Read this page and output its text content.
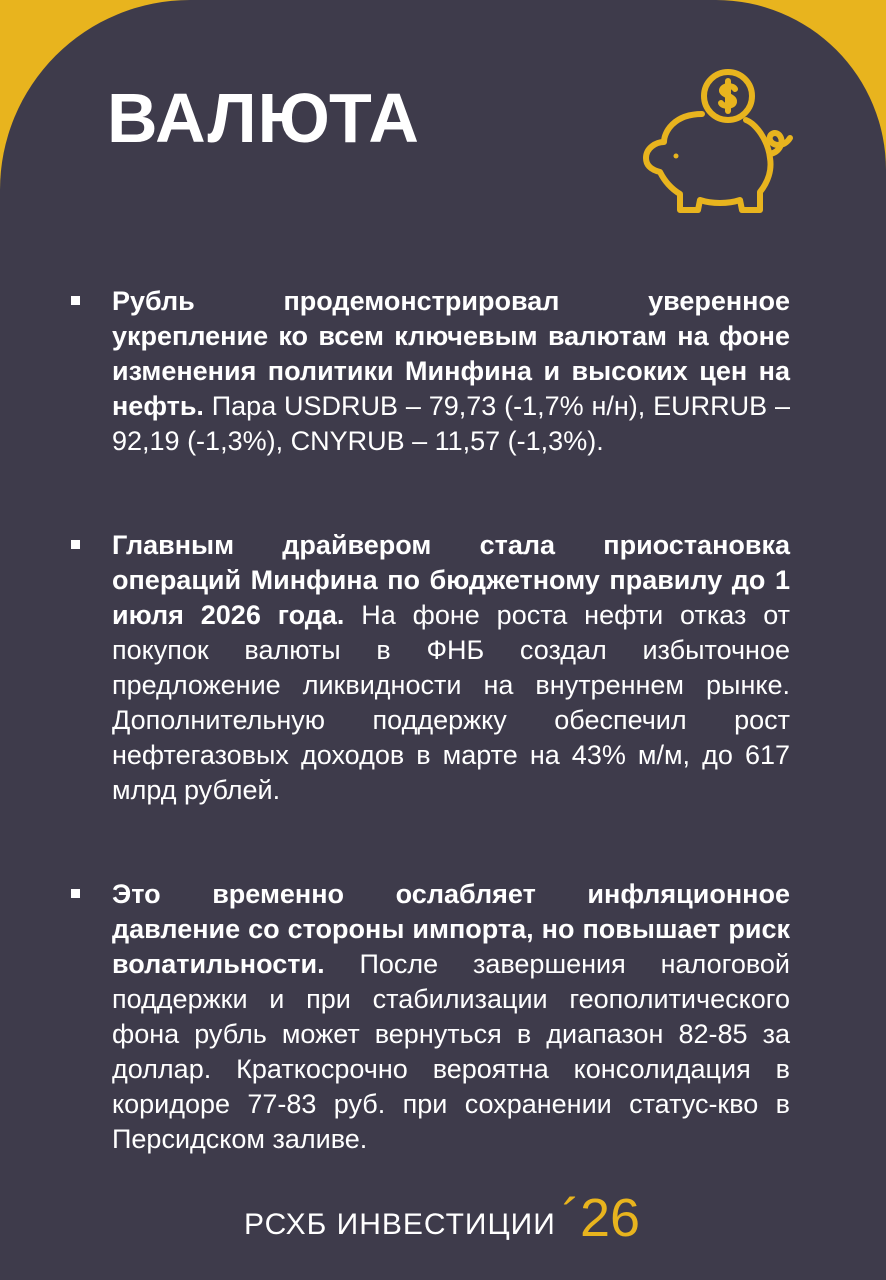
ВАЛЮТА
Рубль продемонстрировал уверенное укрепление ко всем ключевым валютам на фоне изменения политики Минфина и высоких цен на нефть. Пара USDRUB – 79,73 (-1,7% н/н), EURRUB – 92,19 (-1,3%), CNYRUB – 11,57 (-1,3%).
Главным драйвером стала приостановка операций Минфина по бюджетному правилу до 1 июля 2026 года. На фоне роста нефти отказ от покупок валюты в ФНБ создал избыточное предложение ликвидности на внутреннем рынке. Дополнительную поддержку обеспечил рост нефтегазовых доходов в марте на 43% м/м, до 617 млрд рублей.
Это временно ослабляет инфляционное давление со стороны импорта, но повышает риск волатильности. После завершения налоговой поддержки и при стабилизации геополитического фона рубль может вернуться в диапазон 82-85 за доллар. Краткосрочно вероятна консолидация в коридоре 77-83 руб. при сохранении статус-кво в Персидском заливе.
РСХБ ИНВЕСТИЦИИ ´26
